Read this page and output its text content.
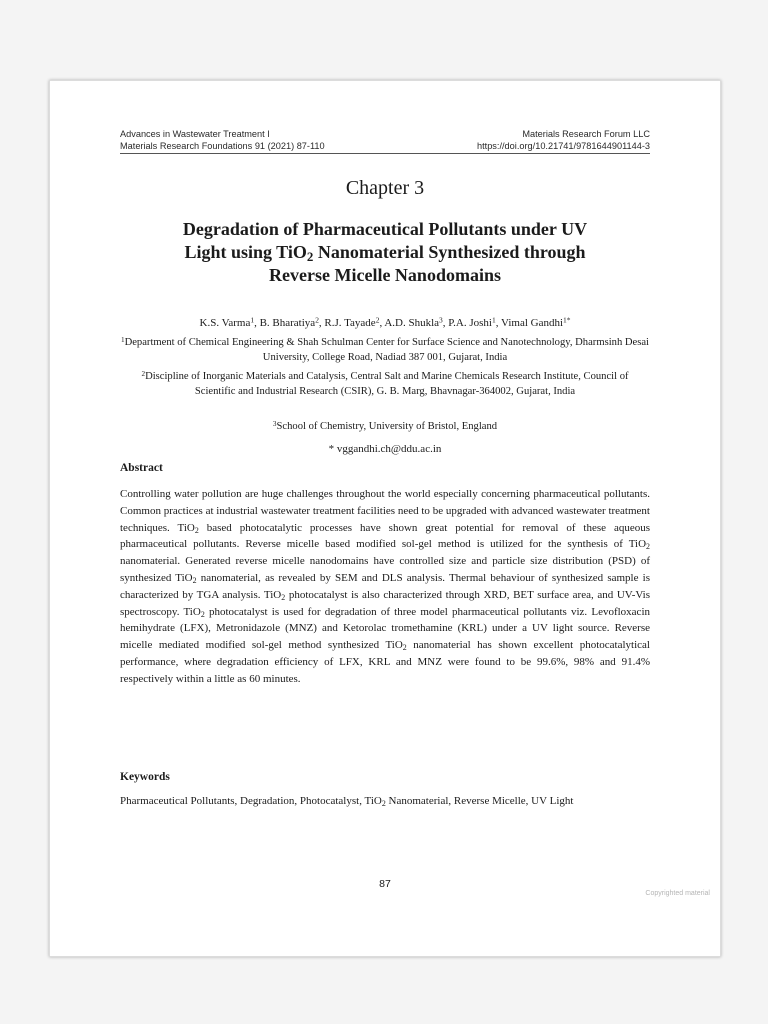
Advances in Wastewater Treatment I	Materials Research Forum LLC
Materials Research Foundations 91 (2021) 87-110	https://doi.org/10.21741/9781644901144-3
Chapter 3
Degradation of Pharmaceutical Pollutants under UV
Light using TiO$_2$ Nanomaterial Synthesized through
Reverse Micelle Nanodomains
K.S. Varma$^1$, B. Bharatiya$^2$, R.J. Tayade$^2$, A.D. Shukla$^3$, P.A. Joshi$^1$, Vimal Gandhi$^{1*}$
$^1$Department of Chemical Engineering & Shah Schulman Center for Surface Science and Nanotechnology, Dharmsinh Desai University, College Road, Nadiad 387 001, Gujarat, India
$^2$Discipline of Inorganic Materials and Catalysis, Central Salt and Marine Chemicals Research Institute, Council of Scientific and Industrial Research (CSIR), G. B. Marg, Bhavnagar-364002, Gujarat, India
$^3$School of Chemistry, University of Bristol, England
* vggandhi.ch@ddu.ac.in
Abstract

Controlling water pollution are huge challenges throughout the world especially concerning pharmaceutical pollutants. Common practices at industrial wastewater treatment facilities need to be upgraded with advanced wastewater treatment techniques. TiO$_2$ based photocatalytic processes have shown great potential for removal of these aqueous pharmaceutical pollutants. Reverse micelle based modified sol-gel method is utilized for the synthesis of TiO$_2$ nanomaterial. Generated reverse micelle nanodomains have controlled size and particle size distribution (PSD) of synthesized TiO$_2$ nanomaterial, as revealed by SEM and DLS analysis. Thermal behaviour of synthesized sample is characterized by TGA analysis. TiO$_2$ photocatalyst is also characterized through XRD, BET surface area, and UV-Vis spectroscopy. TiO$_2$ photocatalyst is used for degradation of three model pharmaceutical pollutants viz. Levofloxacin hemihydrate (LFX), Metronidazole (MNZ) and Ketorolac tromethamine (KRL) under a UV light source. Reverse micelle mediated modified sol-gel method synthesized TiO$_2$ nanomaterial has shown excellent photocatalytical performance, where degradation efficiency of LFX, KRL and MNZ were found to be 99.6%, 98% and 91.4% respectively within a little as 60 minutes.

Keywords

Pharmaceutical Pollutants, Degradation, Photocatalyst, TiO$_2$ Nanomaterial, Reverse Micelle, UV Light

87
Copyrighted material
